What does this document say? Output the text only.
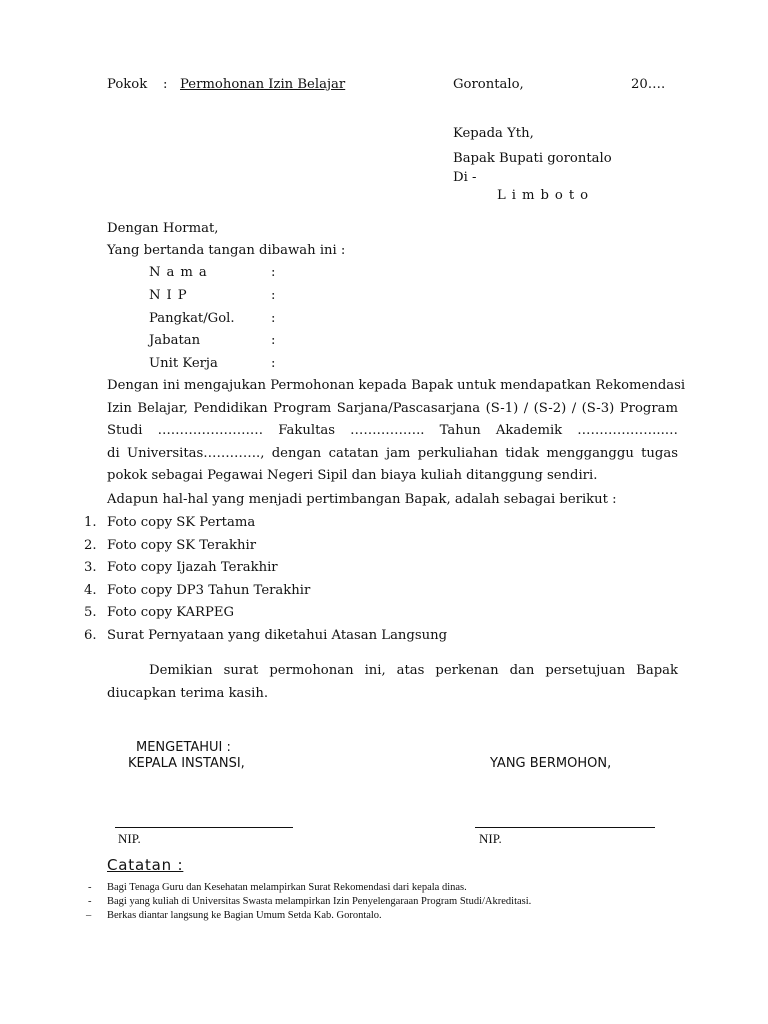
Pokok : Permohonan Izin Belajar	Gorontalo,	20….
Kepada Yth,
Bapak Bupati gorontalo
Di -
Limboto
Dengan Hormat,
Yang bertanda tangan dibawah ini :
Nama	:
NIP	:
Pangkat/Gol.	:
Jabatan	:
Unit Kerja	:
Dengan ini mengajukan Permohonan kepada Bapak untuk mendapatkan Rekomendasi
Izin Belajar, Pendidikan Program Sarjana/Pascasarjana (S-1) / (S-2) / (S-3) Program
Studi …………………… Fakultas …………….. Tahun Akademik ………………..…
di Universitas…………., dengan catatan jam perkuliahan tidak mengganggu tugas
pokok sebagai Pegawai Negeri Sipil dan biaya kuliah ditanggung sendiri.
Adapun hal-hal yang menjadi pertimbangan Bapak, adalah sebagai berikut :
1. Foto copy SK Pertama
2. Foto copy SK Terakhir
3. Foto copy Ijazah Terakhir
4. Foto copy DP3 Tahun Terakhir
5. Foto copy KARPEG
6. Surat Pernyataan yang diketahui Atasan Langsung
Demikian surat permohonan ini, atas perkenan dan persetujuan Bapak
diucapkan terima kasih.
MENGETAHUI :
KEPALA INSTANSI,	YANG BERMOHON,
NIP.	NIP.
Catatan :
- Bagi Tenaga Guru dan Kesehatan melampirkan Surat Rekomendasi dari kepala dinas.
- Bagi yang kuliah di Universitas Swasta melampirkan Izin Penyelengaraan Program Studi/Akreditasi.
– Berkas diantar langsung ke Bagian Umum Setda Kab. Gorontalo.
